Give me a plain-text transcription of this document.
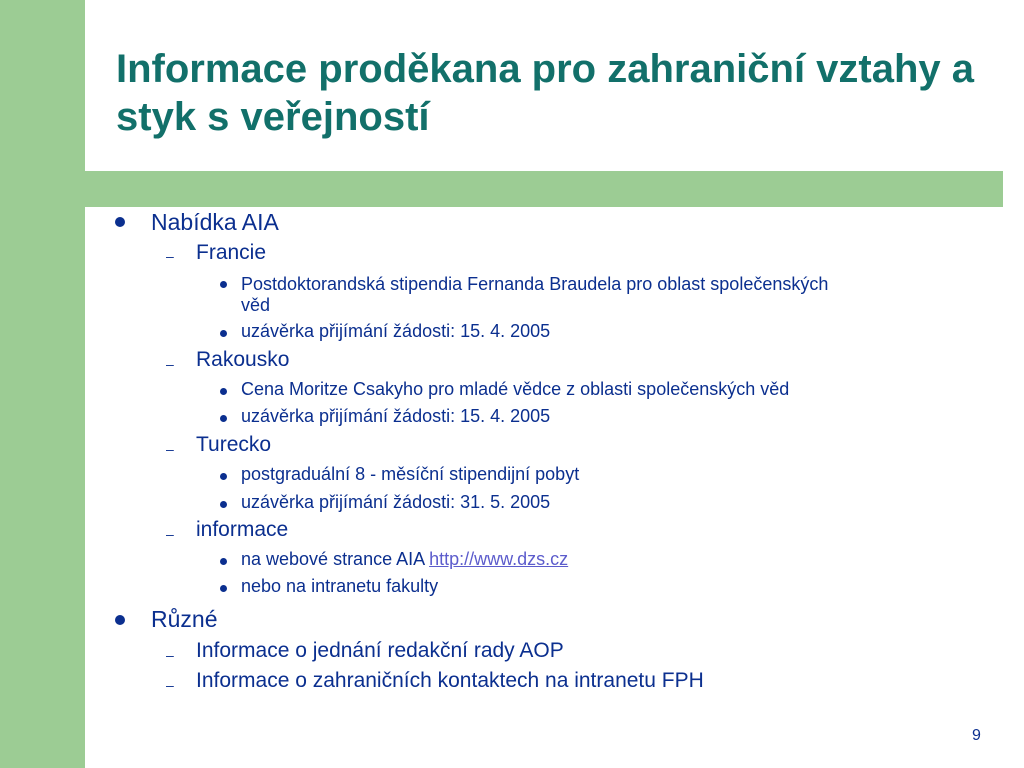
Informace proděkana pro zahraniční vztahy a styk s veřejností
Nabídka AIA
– Francie
Postdoktorandská stipendia Fernanda Braudela pro oblast společenských
věd
uzávěrka přijímání žádosti: 15. 4. 2005
– Rakousko
Cena Moritze Csakyho pro mladé vědce z oblasti společenských věd
uzávěrka přijímání žádosti: 15. 4. 2005
– Turecko
postgraduální 8 - měsíční stipendijní pobyt
uzávěrka přijímání žádosti: 31. 5. 2005
– informace
na webové strance AIA http://www.dzs.cz
nebo na intranetu fakulty
Různé
– Informace o jednání redakční rady AOP
– Informace o zahraničních kontaktech na intranetu FPH
9
